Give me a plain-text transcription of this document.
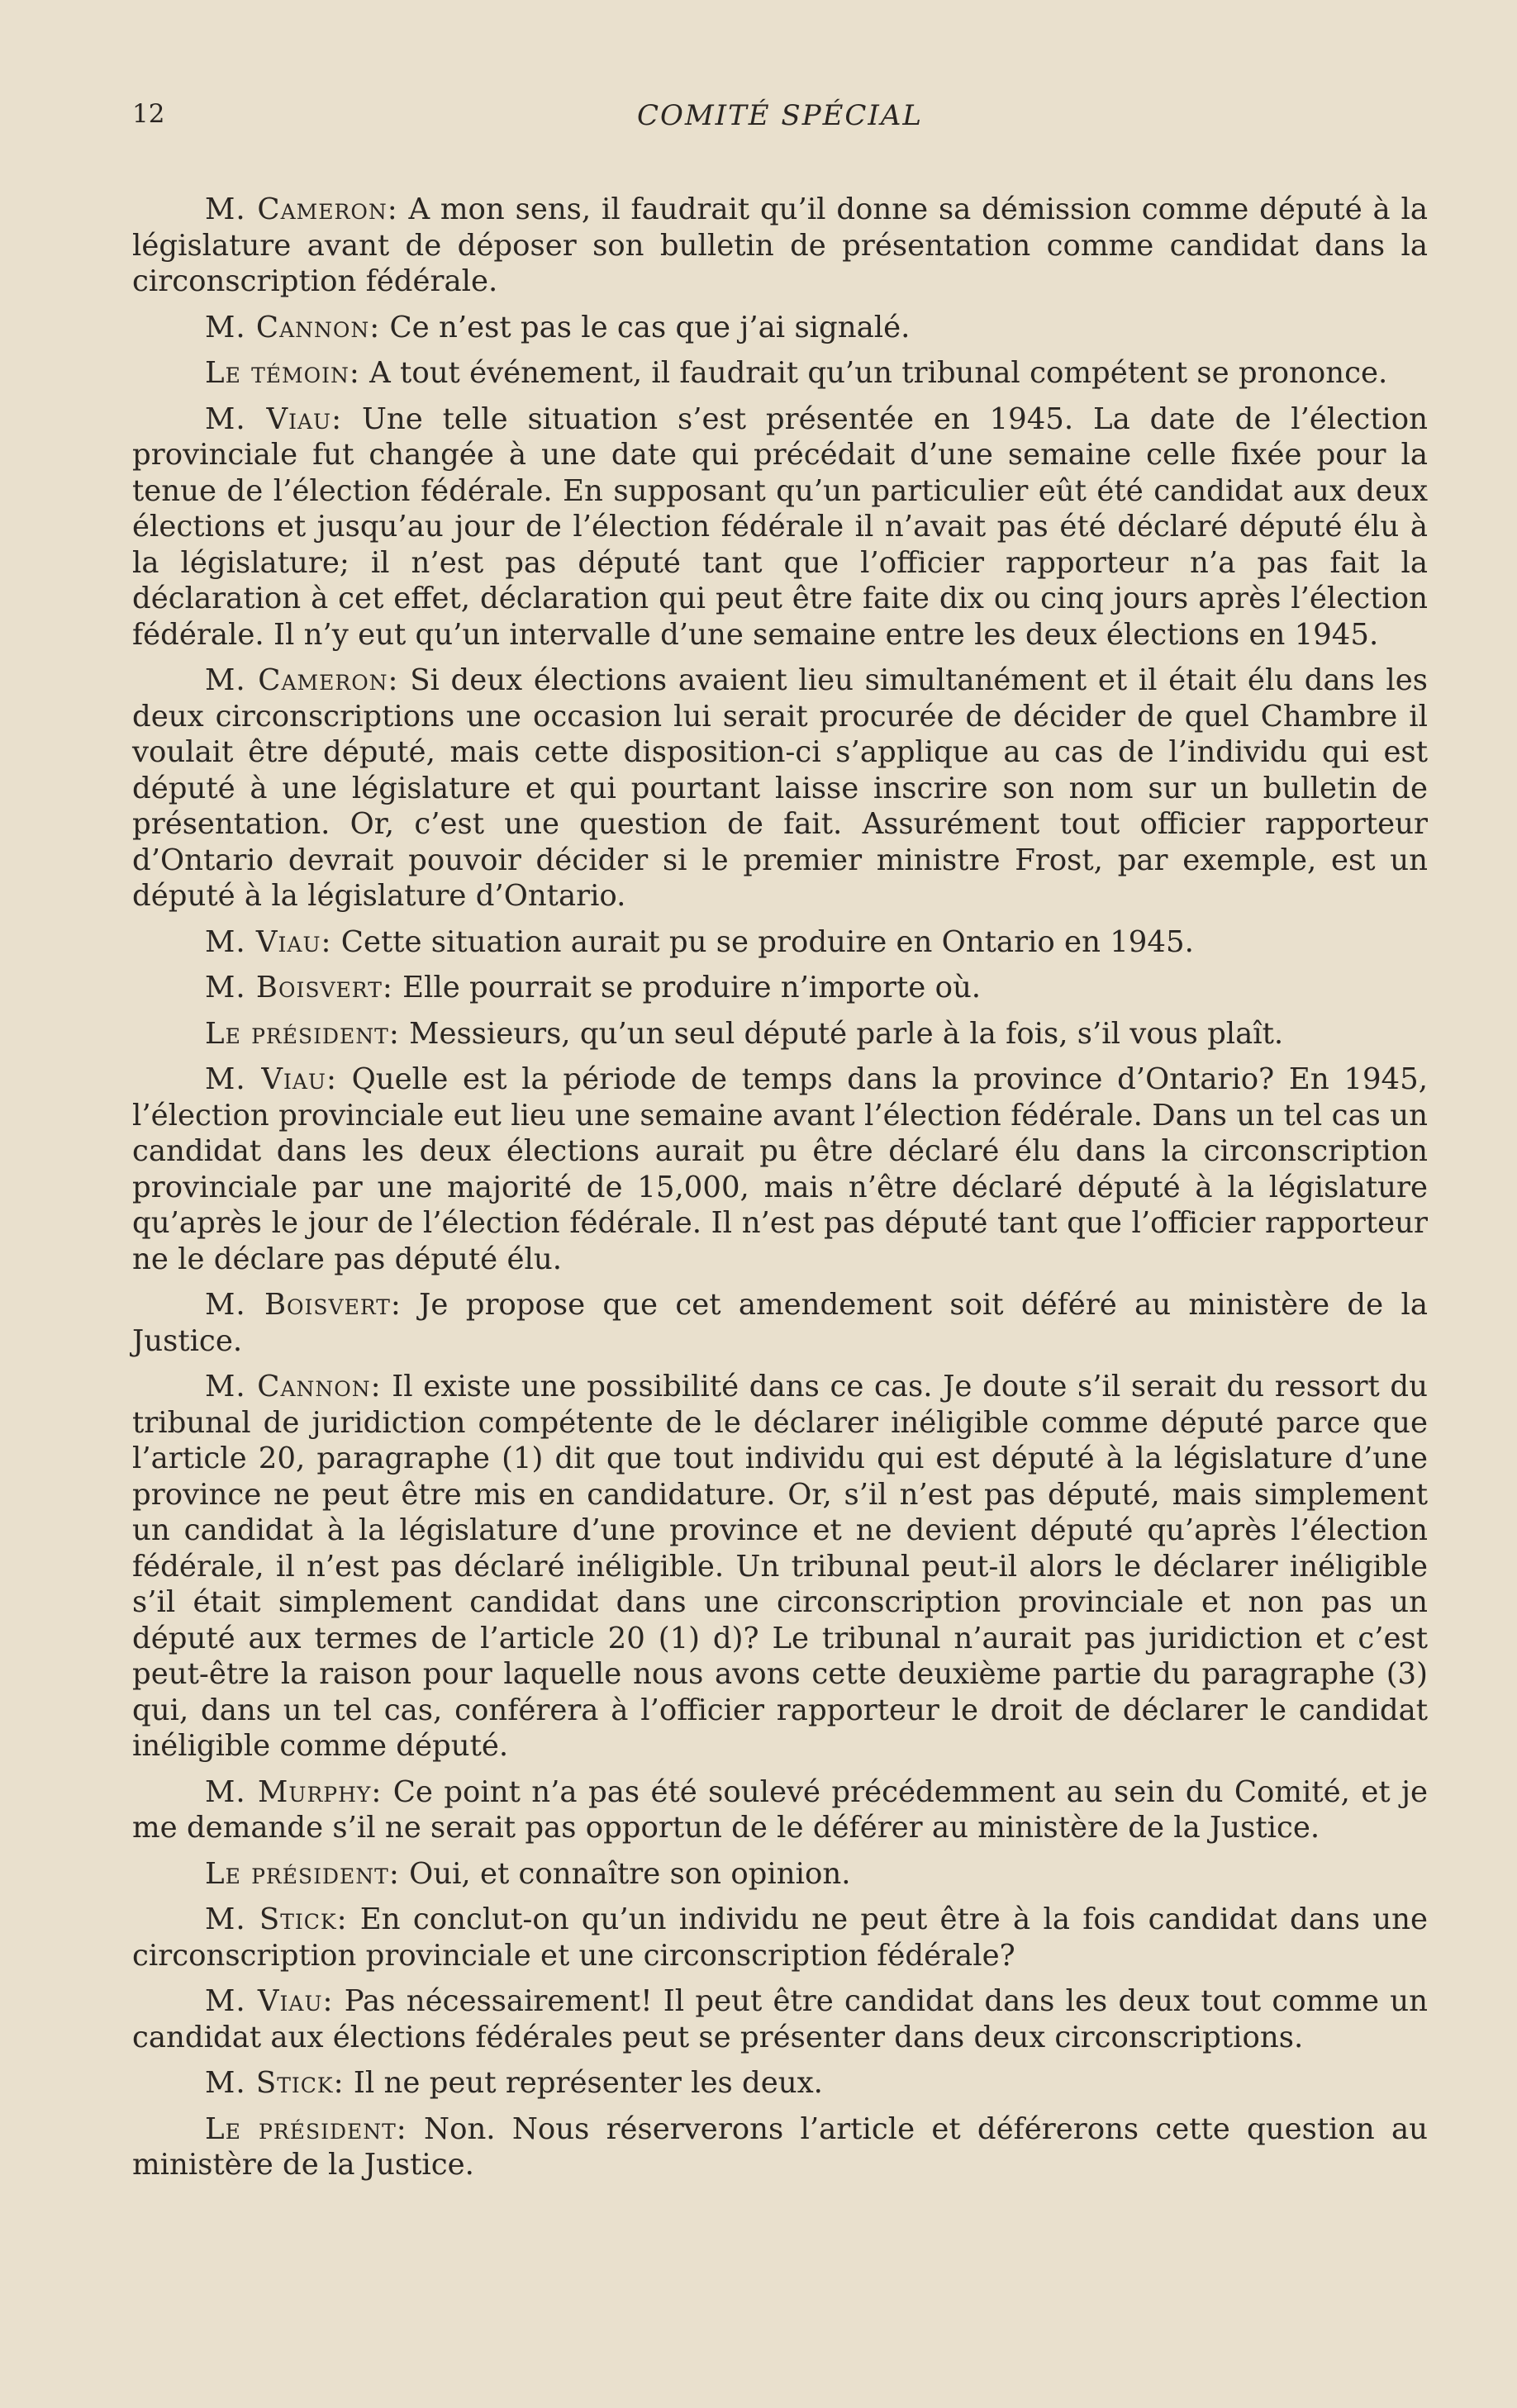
12	COMITÉ SPÉCIAL

M. Cameron: A mon sens, il faudrait qu’il donne sa démission comme député à la législature avant de déposer son bulletin de présentation comme candidat dans la circonscription fédérale.

M. Cannon: Ce n’est pas le cas que j’ai signalé.

Le témoin: A tout événement, il faudrait qu’un tribunal compétent se prononce.

M. Viau: Une telle situation s’est présentée en 1945. La date de l’élection provinciale fut changée à une date qui précédait d’une semaine celle fixée pour la tenue de l’élection fédérale. En supposant qu’un particulier eût été candidat aux deux élections et jusqu’au jour de l’élection fédérale il n’avait pas été déclaré député élu à la législature; il n’est pas député tant que l’officier rapporteur n’a pas fait la déclaration à cet effet, déclaration qui peut être faite dix ou cinq jours après l’élection fédérale. Il n’y eut qu’un intervalle d’une semaine entre les deux élections en 1945.

M. Cameron: Si deux élections avaient lieu simultanément et il était élu dans les deux circonscriptions une occasion lui serait procurée de décider de quel Chambre il voulait être député, mais cette disposition-ci s’applique au cas de l’individu qui est député à une législature et qui pourtant laisse inscrire son nom sur un bulletin de présentation. Or, c’est une question de fait. Assurément tout officier rapporteur d’Ontario devrait pouvoir décider si le premier ministre Frost, par exemple, est un député à la législature d’Ontario.

M. Viau: Cette situation aurait pu se produire en Ontario en 1945.

M. Boisvert: Elle pourrait se produire n’importe où.

Le président: Messieurs, qu’un seul député parle à la fois, s’il vous plaît.

M. Viau: Quelle est la période de temps dans la province d’Ontario? En 1945, l’élection provinciale eut lieu une semaine avant l’élection fédérale. Dans un tel cas un candidat dans les deux élections aurait pu être déclaré élu dans la circonscription provinciale par une majorité de 15,000, mais n’être déclaré député à la législature qu’après le jour de l’élection fédérale. Il n’est pas député tant que l’officier rapporteur ne le déclare pas député élu.

M. Boisvert: Je propose que cet amendement soit déféré au ministère de la Justice.

M. Cannon: Il existe une possibilité dans ce cas. Je doute s’il serait du ressort du tribunal de juridiction compétente de le déclarer inéligible comme député parce que l’article 20, paragraphe (1) dit que tout individu qui est député à la législature d’une province ne peut être mis en candidature. Or, s’il n’est pas député, mais simplement un candidat à la législature d’une province et ne devient député qu’après l’élection fédérale, il n’est pas déclaré inéligible. Un tribunal peut-il alors le déclarer inéligible s’il était simplement candidat dans une circonscription provinciale et non pas un député aux termes de l’article 20 (1) d)? Le tribunal n’aurait pas juridiction et c’est peut-être la raison pour laquelle nous avons cette deuxième partie du paragraphe (3) qui, dans un tel cas, conférera à l’officier rapporteur le droit de déclarer le candidat inéligible comme député.

M. Murphy: Ce point n’a pas été soulevé précédemment au sein du Comité, et je me demande s’il ne serait pas opportun de le déférer au ministère de la Justice.

Le président: Oui, et connaître son opinion.

M. Stick: En conclut-on qu’un individu ne peut être à la fois candidat dans une circonscription provinciale et une circonscription fédérale?

M. Viau: Pas nécessairement! Il peut être candidat dans les deux tout comme un candidat aux élections fédérales peut se présenter dans deux circonscriptions.

M. Stick: Il ne peut représenter les deux.

Le président: Non. Nous réserverons l’article et déférerons cette question au ministère de la Justice.
